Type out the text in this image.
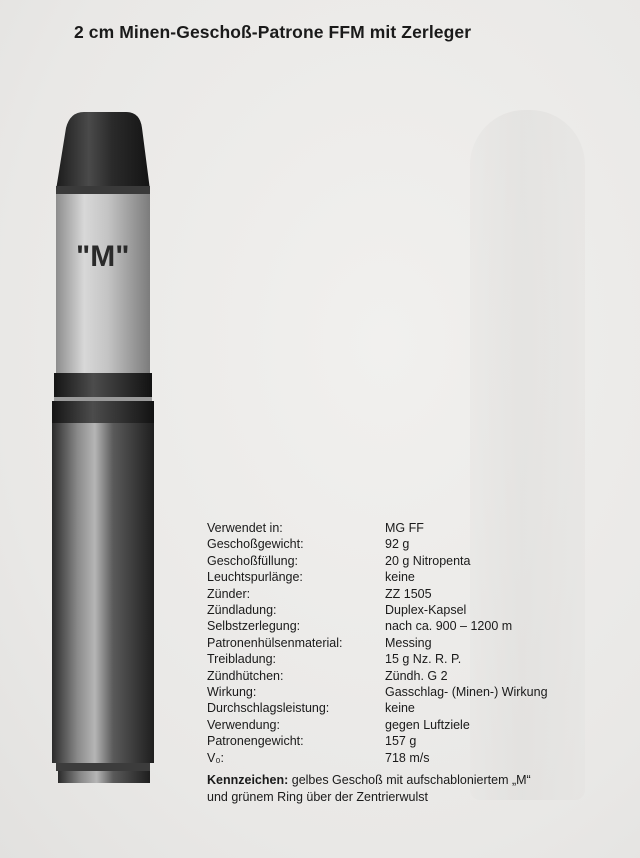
2 cm Minen-Geschoß-Patrone FFM mit Zerleger
"M"
Verwendet in:	MG FF
Geschoßgewicht:	92 g
Geschoßfüllung:	20 g Nitropenta
Leuchtspurlänge:	keine
Zünder:	ZZ 1505
Zündladung:	Duplex-Kapsel
Selbstzerlegung:	nach ca. 900 – 1200 m
Patronenhülsenmaterial:	Messing
Treibladung:	15 g Nz. R. P.
Zündhütchen:	Zündh. G 2
Wirkung:	Gasschlag- (Minen-) Wirkung
Durchschlagsleistung:	keine
Verwendung:	gegen Luftziele
Patronengewicht:	157 g
V₀:	718 m/s
Kennzeichen: gelbes Geschoß mit aufschabloniertem „M“
und grünem Ring über der Zentrierwulst
